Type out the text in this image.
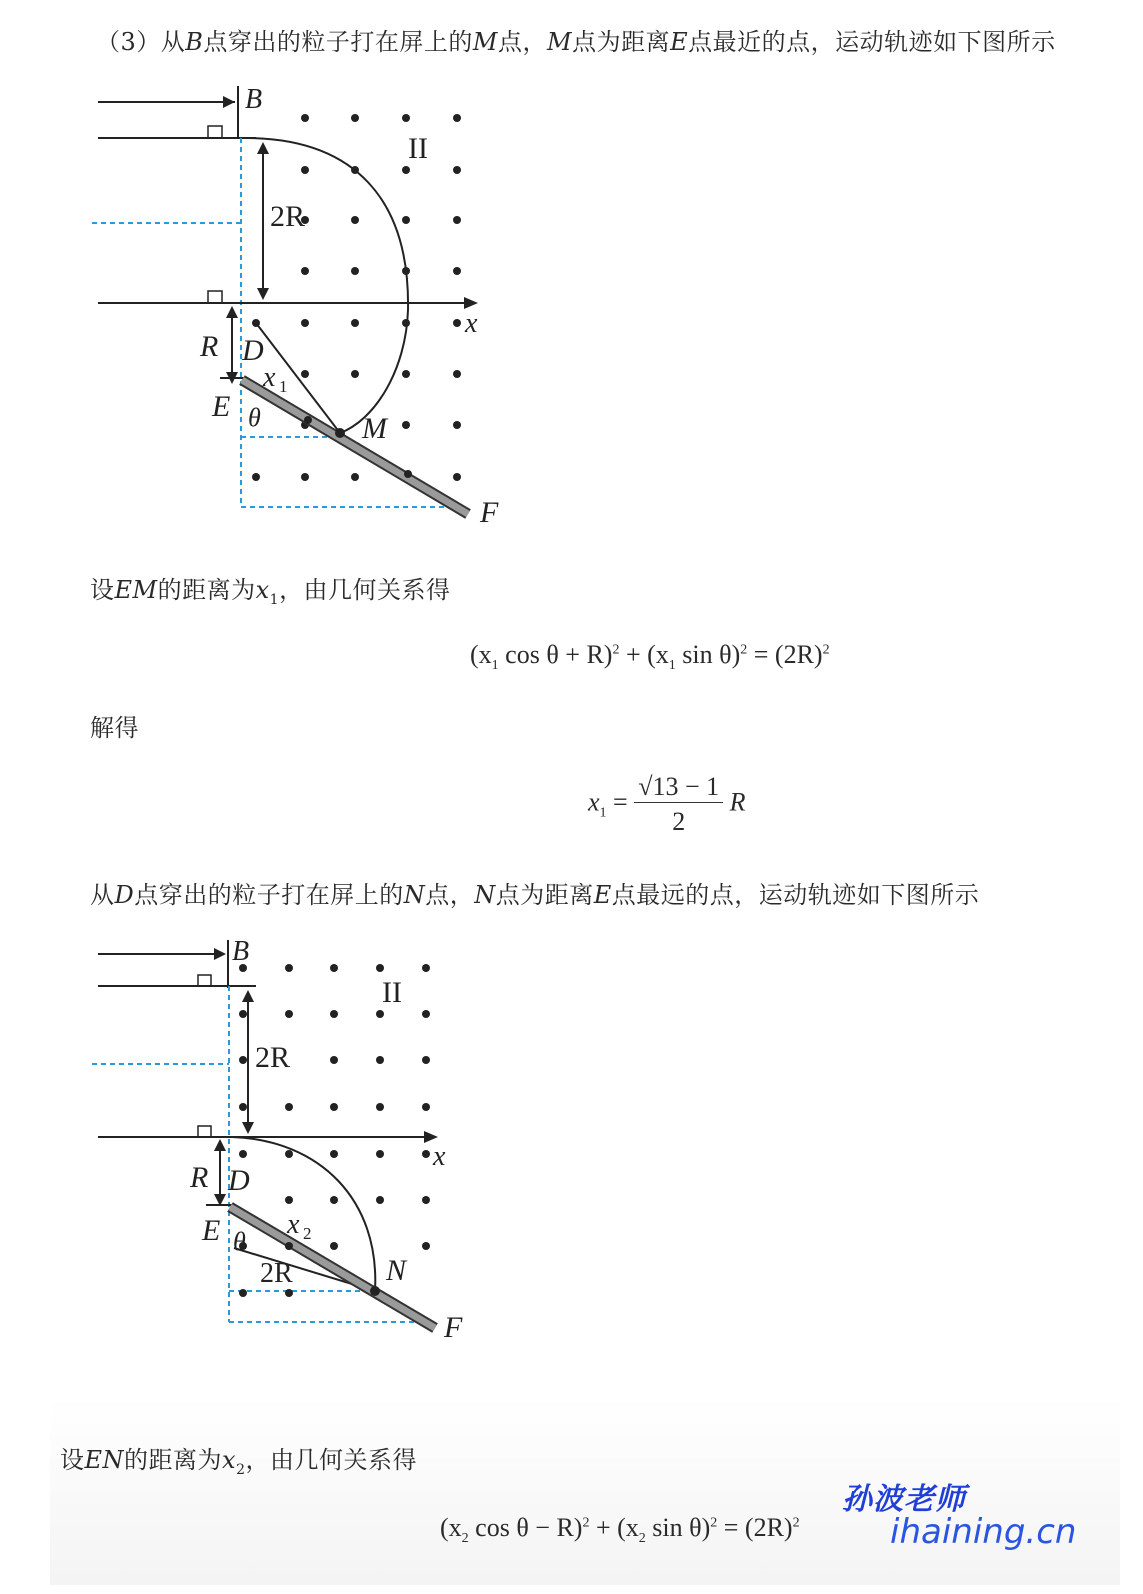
（3）从B点穿出的粒子打在屏上的M点，M点为距离E点最近的点，运动轨迹如下图所示
B
II
2R
x
R D
x 1
E θ	M
F
设EM的距离为$x_1$，由几何关系得
($x_1$ $\cos \theta + R)^2 + (x_1$ $\sin \theta)^2 = (2R)^2$
解得
$x_1 = \frac{√13 - 1}{2}$ R
从D点穿出的粒子打在屏上的N点，N点为距离E点最远的点，运动轨迹如下图所示
B
II
2R
x
R D
x 2
E θ
2R	N
F
设EN的距离为$x_2$，由几何关系得
($x_2$ $\cos \theta - R)^2 + (x_2$ $\sin \theta)^2 = (2R)^2$
孙波老师
ihaining.cn
